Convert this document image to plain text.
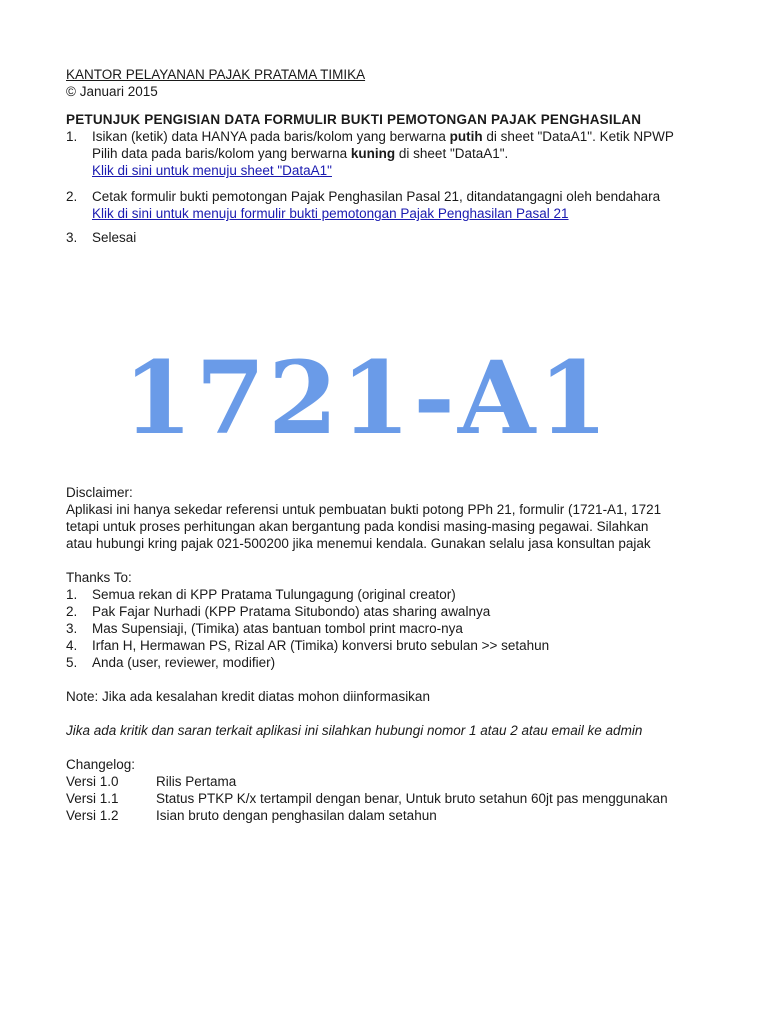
KANTOR PELAYANAN PAJAK PRATAMA TIMIKA
© Januari 2015
PETUNJUK PENGISIAN DATA FORMULIR BUKTI PEMOTONGAN PAJAK PENGHASILAN
1.	Isikan (ketik) data HANYA pada baris/kolom yang berwarna putih di sheet "DataA1". Ketik NPWP
Pilih data pada baris/kolom yang berwarna kuning di sheet "DataA1".
Klik di sini untuk menuju sheet "DataA1"
2.	Cetak formulir bukti pemotongan Pajak Penghasilan Pasal 21, ditandatangagni oleh bendahara
Klik di sini untuk menuju formulir bukti pemotongan Pajak Penghasilan Pasal 21
3.	Selesai
1721-A1
Disclaimer:
Aplikasi ini hanya sekedar referensi untuk pembuatan bukti potong PPh 21, formulir (1721-A1, 1721
tetapi untuk proses perhitungan akan bergantung pada kondisi masing-masing pegawai. Silahkan
atau hubungi kring pajak 021-500200 jika menemui kendala. Gunakan selalu jasa konsultan pajak
Thanks To:
1.	Semua rekan di KPP Pratama Tulungagung (original creator)
2.	Pak Fajar Nurhadi (KPP Pratama Situbondo) atas sharing awalnya
3.	Mas Supensiaji, (Timika) atas bantuan tombol print macro-nya
4.	Irfan H, Hermawan PS, Rizal AR (Timika) konversi bruto sebulan >> setahun
5.	Anda (user, reviewer, modifier)
Note: Jika ada kesalahan kredit diatas mohon diinformasikan
Jika ada kritik dan saran terkait aplikasi ini silahkan hubungi nomor 1 atau 2 atau email ke admin
Changelog:
Versi 1.0	Rilis Pertama
Versi 1.1	Status PTKP K/x tertampil dengan benar, Untuk bruto setahun 60jt pas menggunakan
Versi 1.2	Isian bruto dengan penghasilan dalam setahun
